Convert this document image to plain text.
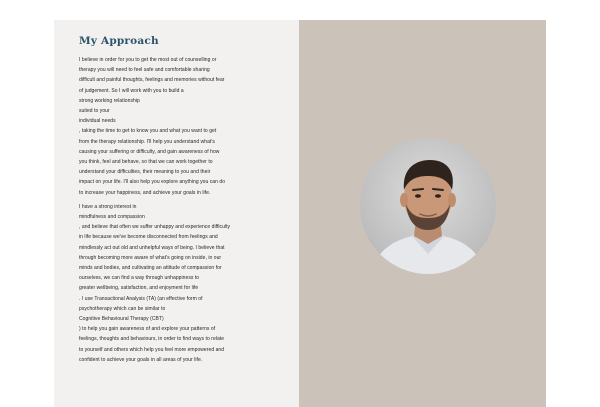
My Approach

I believe in order for you to get the most out of counselling or
therapy you will need to feel safe and comfortable sharing
difficult and painful thoughts, feelings and memories without fear
of judgement. So I will work with you to build a
strong working relationship
suited to your
individual needs
, taking the time to get to know you and what you want to get
from the therapy relationship. I'll help you understand what's
causing your suffering or difficulty, and gain awareness of how
you think, feel and behave, so that we can work together to
understand your difficulties, their meaning to you and their
impact on your life. I'll also help you explore anything you can do
to increase your happiness, and achieve your goals in life.

I have a strong interest in
mindfulness and compassion
, and believe that often we suffer unhappy and experience difficulty
in life because we've become disconnected from feelings and
mindlessly act out old and unhelpful ways of being. I believe that
through becoming more aware of what's going on inside, in our
minds and bodies, and cultivating an attitude of compassion for
ourselves, we can find a way through unhappiness to
greater wellbeing, satisfaction, and enjoyment for life
. I use Transactional Analysis (TA) (an effective form of
psychotherapy which can be similar to
Cognitive Behavioural Therapy (CBT)
) to help you gain awareness of and explore your patterns of
feelings, thoughts and behaviours, in order to find ways to relate
to yourself and others which help you feel more empowered and
confident to achieve your goals in all areas of your life.
